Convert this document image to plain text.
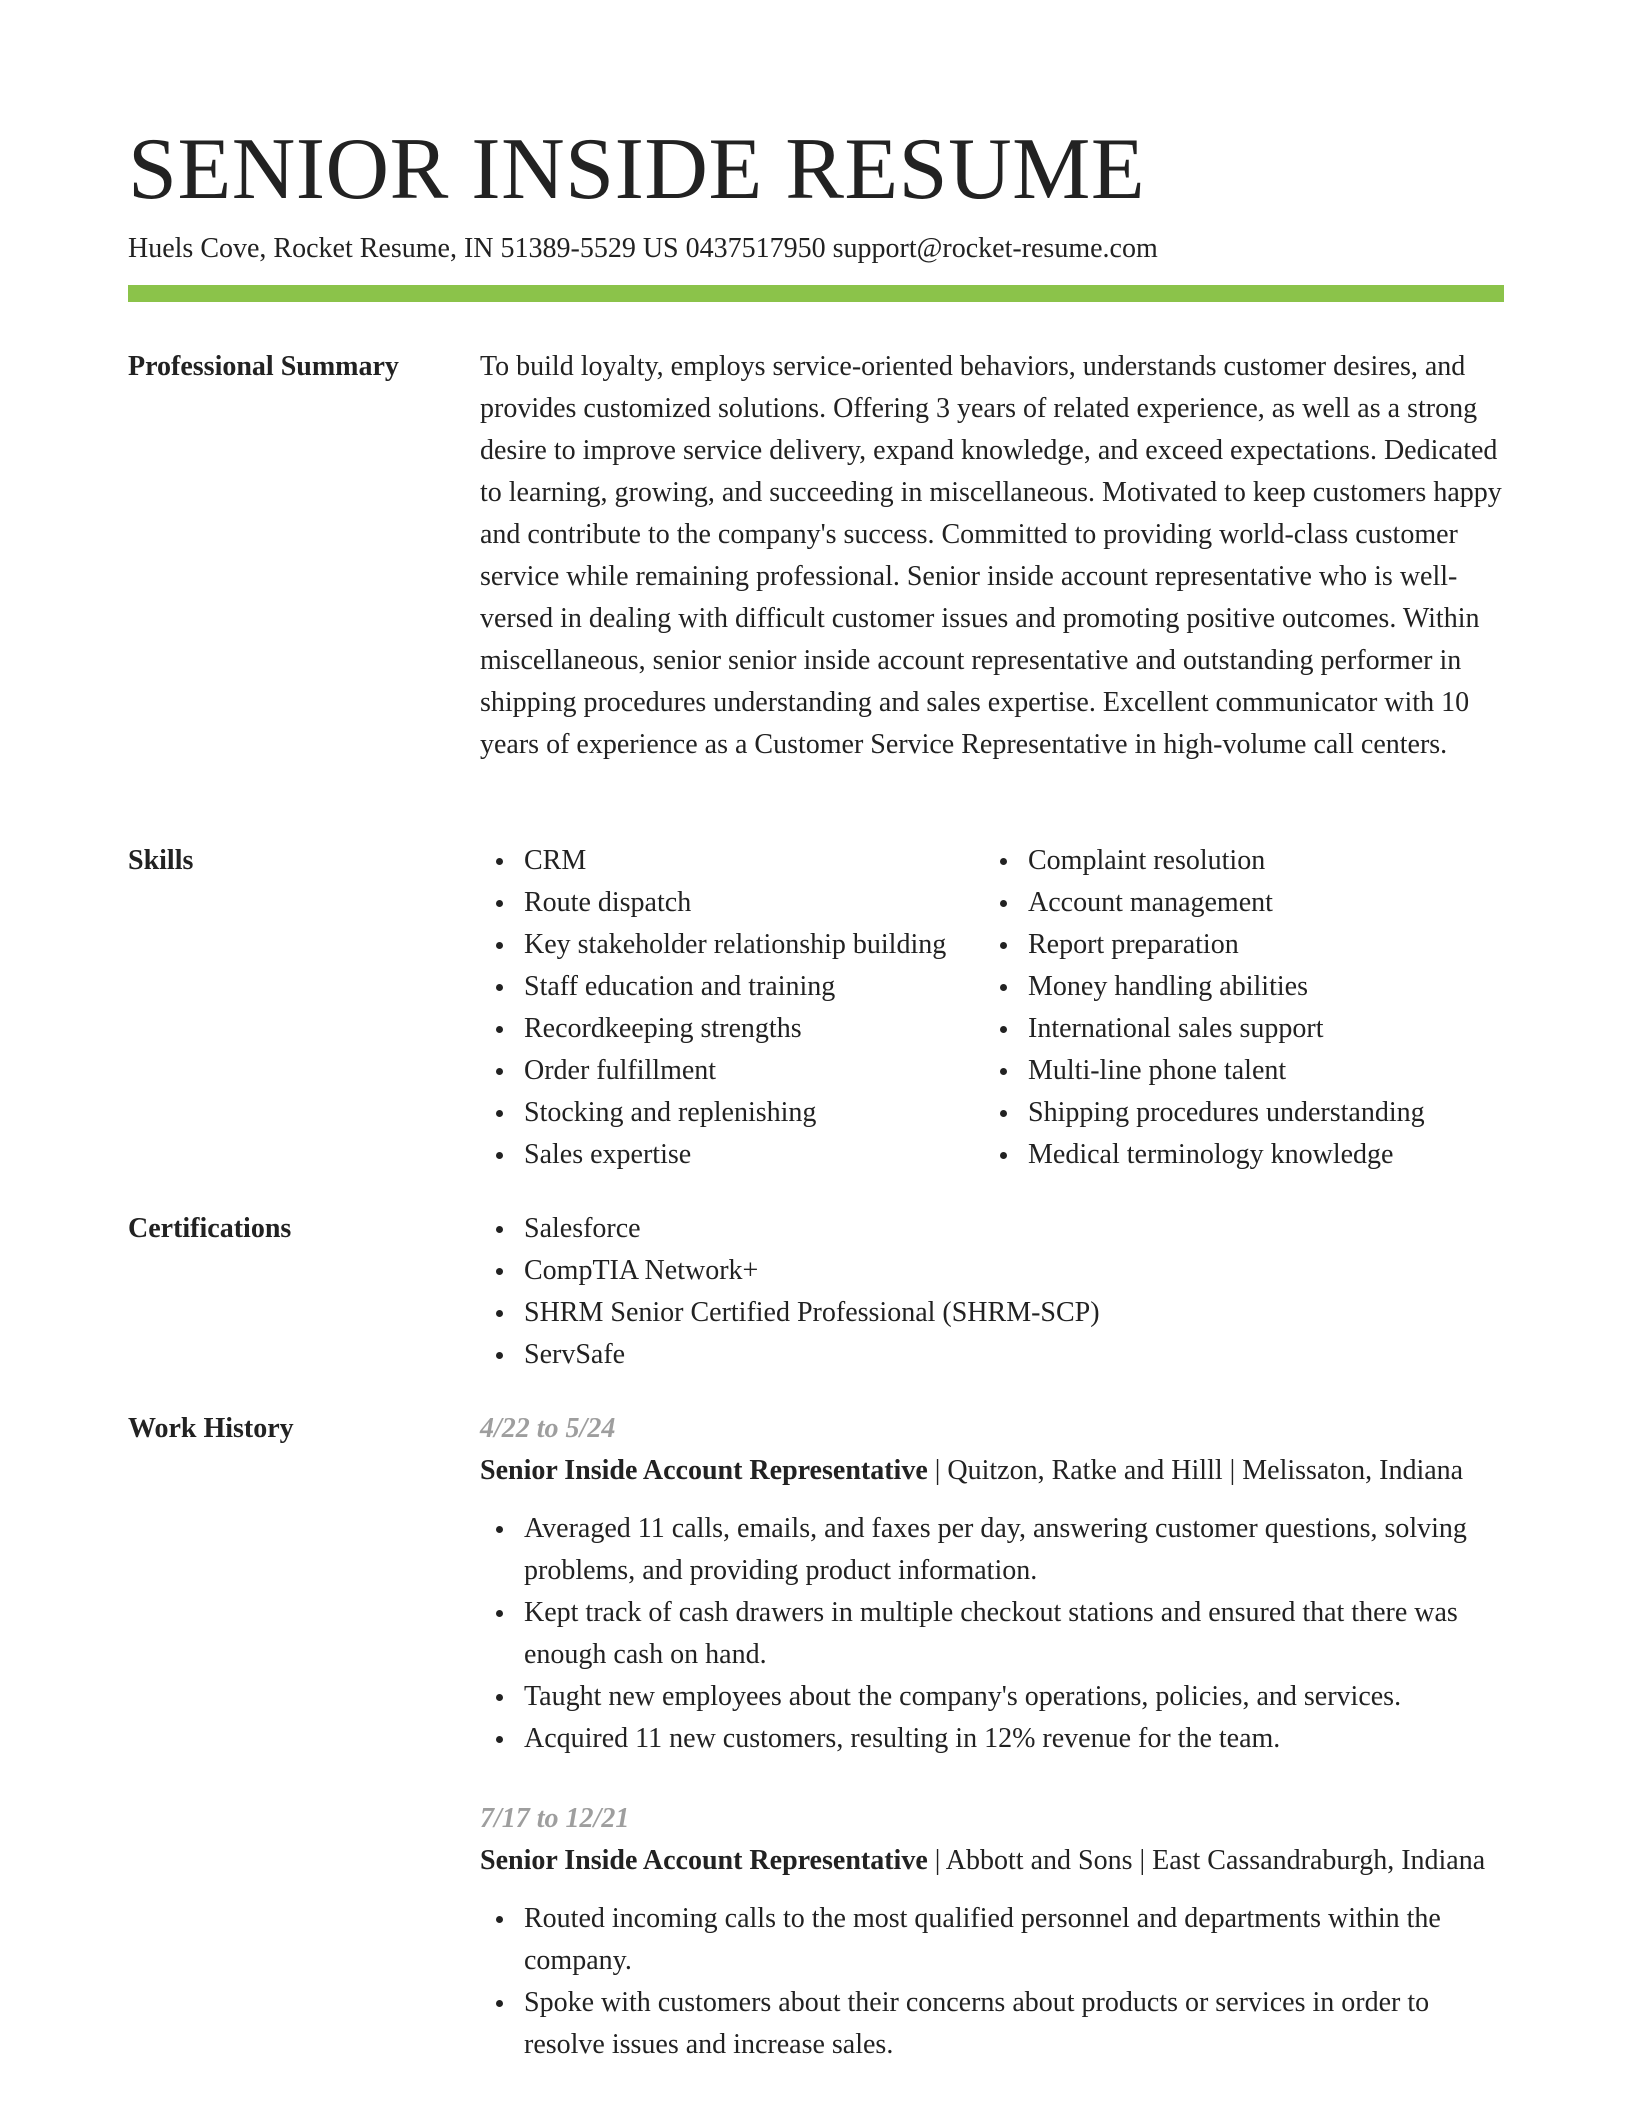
SENIOR INSIDE RESUME
Huels Cove, Rocket Resume, IN 51389-5529 US 0437517950 support@rocket-resume.com
Professional Summary	To build loyalty, employs service-oriented behaviors, understands customer desires, and provides customized solutions. Offering 3 years of related experience, as well as a strong desire to improve service delivery, expand knowledge, and exceed expectations. Dedicated to learning, growing, and succeeding in miscellaneous. Motivated to keep customers happy and contribute to the company's success. Committed to providing world-class customer service while remaining professional. Senior inside account representative who is well-versed in dealing with difficult customer issues and promoting positive outcomes. Within miscellaneous, senior senior inside account representative and outstanding performer in shipping procedures understanding and sales expertise. Excellent communicator with 10 years of experience as a Customer Service Representative in high-volume call centers.

Skills	CRM
Route dispatch
Key stakeholder relationship building
Staff education and training
Recordkeeping strengths
Order fulfillment
Stocking and replenishing
Sales expertise
Complaint resolution
Account management
Report preparation
Money handling abilities
International sales support
Multi-line phone talent
Shipping procedures understanding
Medical terminology knowledge
Certifications	Salesforce
CompTIA Network+
SHRM Senior Certified Professional (SHRM-SCP)
ServSafe
Work History	4/22 to 5/24
Senior Inside Account Representative | Quitzon, Ratke and Hilll | Melissaton, Indiana
Averaged 11 calls, emails, and faxes per day, answering customer questions, solving problems, and providing product information.
Kept track of cash drawers in multiple checkout stations and ensured that there was enough cash on hand.
Taught new employees about the company's operations, policies, and services.
Acquired 11 new customers, resulting in 12% revenue for the team.
7/17 to 12/21
Senior Inside Account Representative | Abbott and Sons | East Cassandraburgh, Indiana
Routed incoming calls to the most qualified personnel and departments within the company.
Spoke with customers about their concerns about products or services in order to resolve issues and increase sales.
